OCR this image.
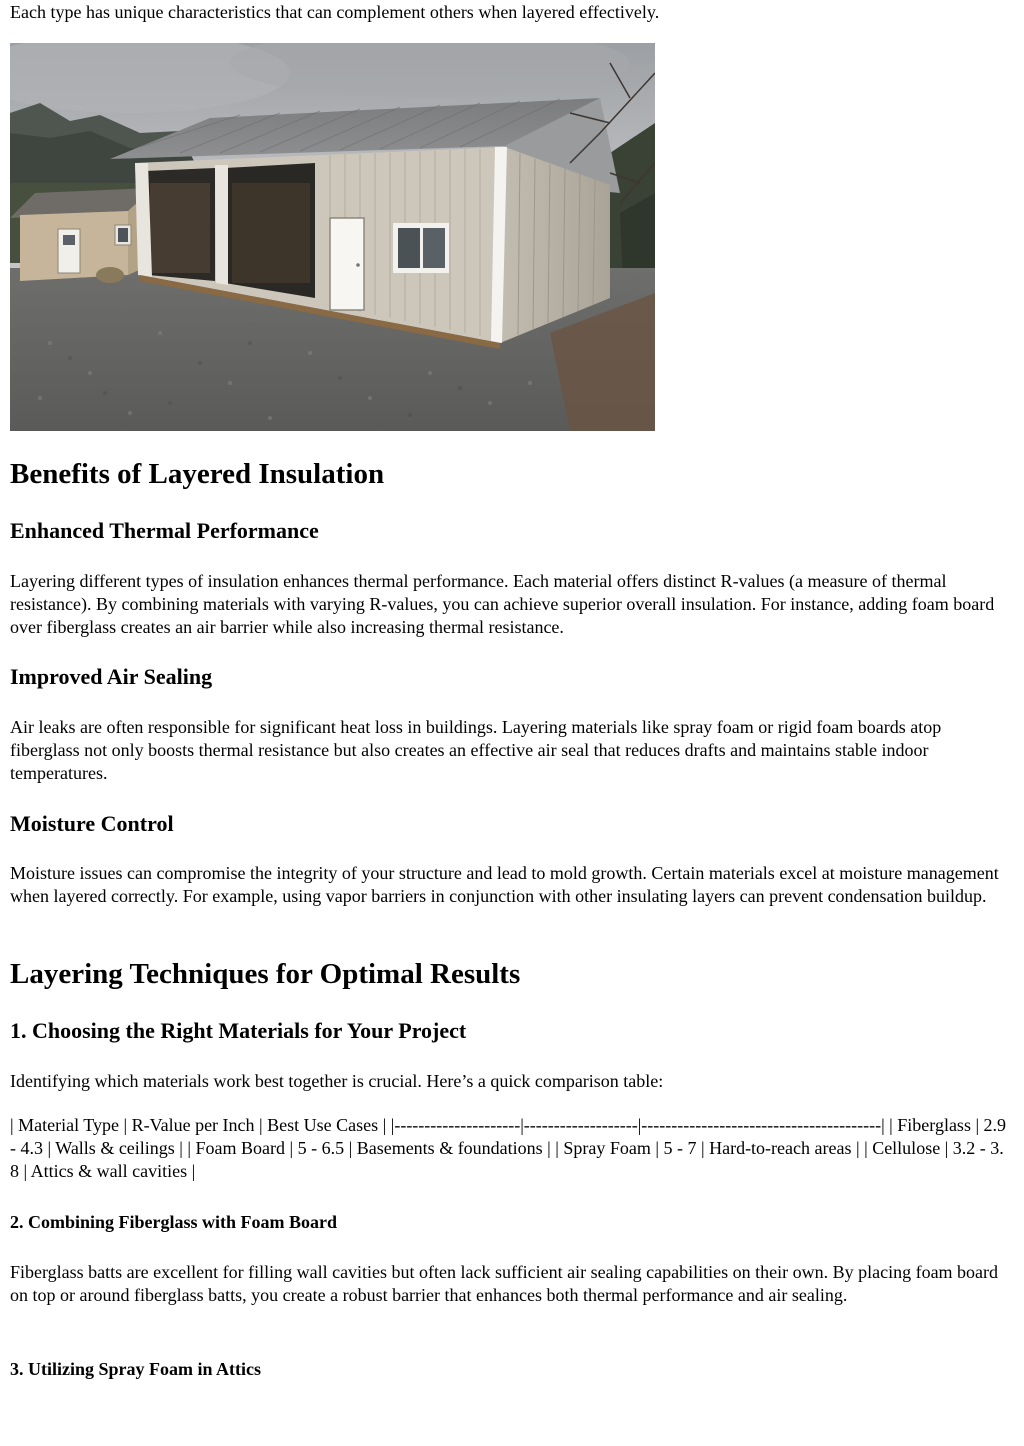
Each type has unique characteristics that can complement others when layered effectively.

Benefits of Layered Insulation
Enhanced Thermal Performance

Layering different types of insulation enhances thermal performance. Each material offers distinct R-values (a measure of thermal resistance). By combining materials with varying R-values, you can achieve superior overall insulation. For instance, adding foam board over fiberglass creates an air barrier while also increasing thermal resistance.

Improved Air Sealing

Air leaks are often responsible for significant heat loss in buildings. Layering materials like spray foam or rigid foam boards atop fiberglass not only boosts thermal resistance but also creates an effective air seal that reduces drafts and maintains stable indoor temperatures.

Moisture Control

Moisture issues can compromise the integrity of your structure and lead to mold growth. Certain materials excel at moisture management when layered correctly. For example, using vapor barriers in conjunction with other insulating layers can prevent condensation buildup.

Layering Techniques for Optimal Results
1. Choosing the Right Materials for Your Project

Identifying which materials work best together is crucial. Here’s a quick comparison table:

| Material Type | R-Value per Inch | Best Use Cases | |---------------------|-------------------|----------------------------------------| | Fiberglass | 2.9 - 4.3 | Walls & ceilings | | Foam Board | 5 - 6.5 | Basements & foundations | | Spray Foam | 5 - 7 | Hard-to-reach areas | | Cellulose | 3.2 - 3.8 | Attics & wall cavities |

2. Combining Fiberglass with Foam Board

Fiberglass batts are excellent for filling wall cavities but often lack sufficient air sealing capabilities on their own. By placing foam board on top or around fiberglass batts, you create a robust barrier that enhances both thermal performance and air sealing.

3. Utilizing Spray Foam in Attics
